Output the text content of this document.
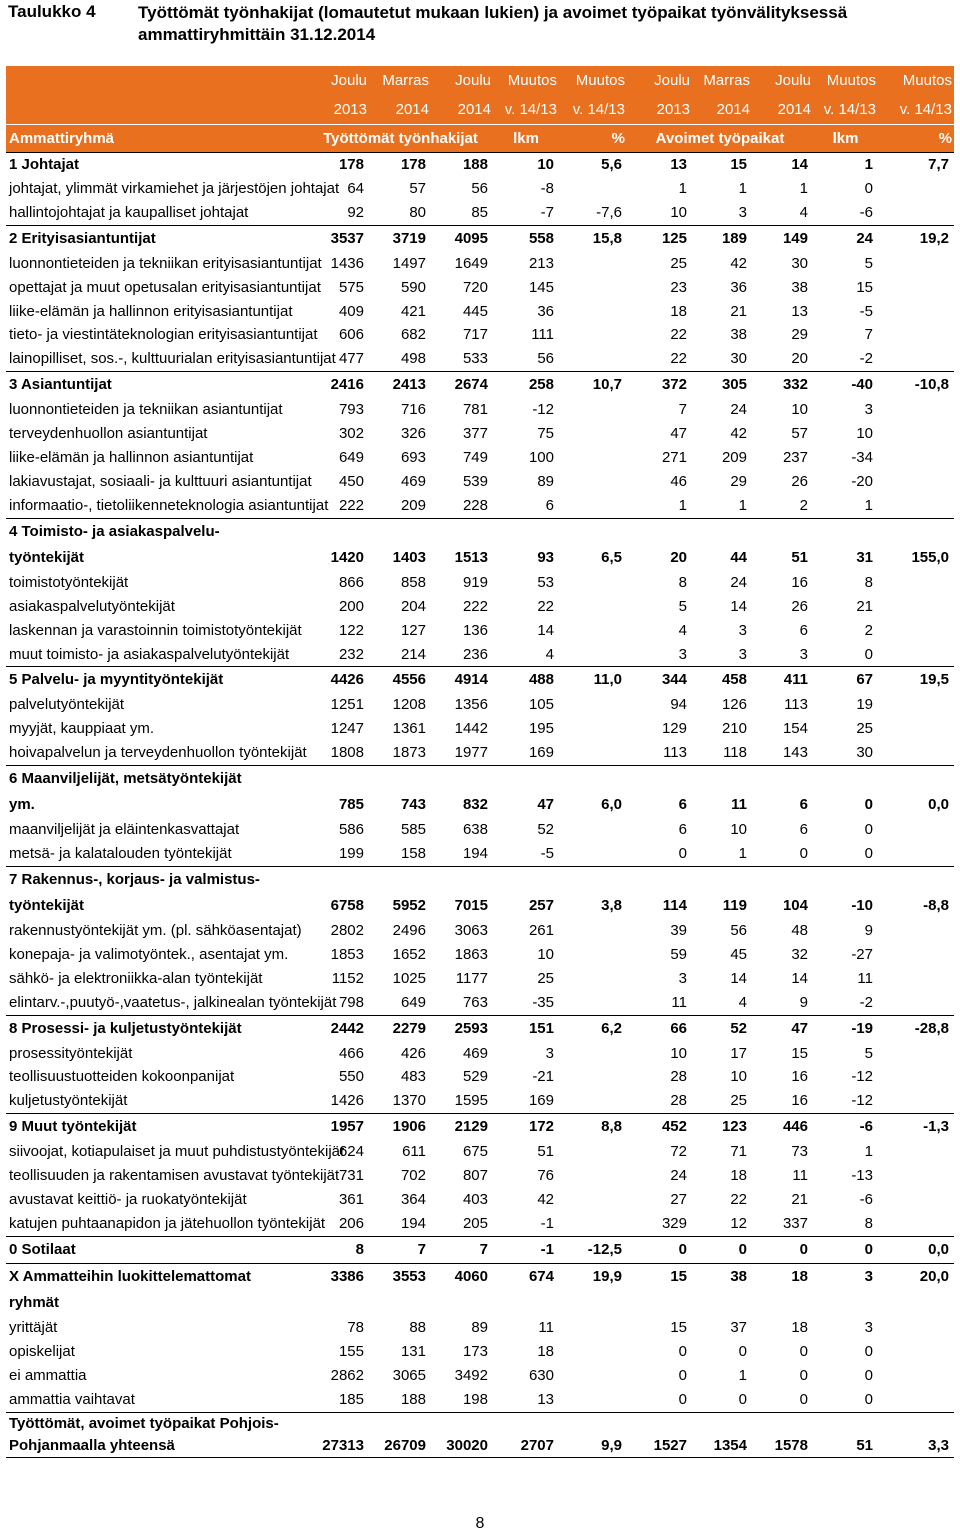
Taulukko 4 Työttömät työnhakijat (lomautetut mukaan lukien) ja avoimet työpaikat työnvälityksessä ammattiryhmittäin 31.12.2014
	Joulu	Marras	Joulu	Muutos	Muutos	Joulu	Marras	Joulu	Muutos	Muutos
	2013	2014	2014	v. 14/13	v. 14/13	2013	2014	2014	v. 14/13	v. 14/13
Ammattiryhmä	Työttömät työnhakijat			lkm	%	Avoimet työpaikat			lkm	%
1 Johtajat	178	178	188	10	5,6	13	15	14	1	7,7
johtajat, ylimmät virkamiehet ja järjestöjen johtajat	64	57	56	-8		1	1	1	0	
hallintojohtajat ja kaupalliset johtajat	92	80	85	-7	-7,6	10	3	4	-6	
2 Erityisasiantuntijat	3537	3719	4095	558	15,8	125	189	149	24	19,2
luonnontieteiden ja tekniikan erityisasiantuntijat	1436	1497	1649	213		25	42	30	5	
opettajat ja muut opetusalan erityisasiantuntijat	575	590	720	145		23	36	38	15	
liike-elämän ja hallinnon erityisasiantuntijat	409	421	445	36		18	21	13	-5	
tieto- ja viestintäteknologian erityisasiantuntijat	606	682	717	111		22	38	29	7	
lainopilliset, sos.-, kulttuurialan erityisasiantuntijat	477	498	533	56		22	30	20	-2	
3 Asiantuntijat	2416	2413	2674	258	10,7	372	305	332	-40	-10,8
luonnontieteiden ja tekniikan asiantuntijat	793	716	781	-12		7	24	10	3	
terveydenhuollon asiantuntijat	302	326	377	75		47	42	57	10	
liike-elämän ja hallinnon asiantuntijat	649	693	749	100		271	209	237	-34	
lakiavustajat, sosiaali- ja kulttuuri asiantuntijat	450	469	539	89		46	29	26	-20	
informaatio-, tietoliikenneteknologia asiantuntijat	222	209	228	6		1	1	2	1	
4 Toimisto- ja asiakaspalvelu-										
työntekijät	1420	1403	1513	93	6,5	20	44	51	31	155,0
toimistotyöntekijät	866	858	919	53		8	24	16	8	
asiakaspalvelutyöntekijät	200	204	222	22		5	14	26	21	
laskennan ja varastoinnin toimistotyöntekijät	122	127	136	14		4	3	6	2	
muut toimisto- ja asiakaspalvelutyöntekijät	232	214	236	4		3	3	3	0	
5 Palvelu- ja myyntityöntekijät	4426	4556	4914	488	11,0	344	458	411	67	19,5
palvelutyöntekijät	1251	1208	1356	105		94	126	113	19	
myyjät, kauppiaat ym.	1247	1361	1442	195		129	210	154	25	
hoivapalvelun ja terveydenhuollon työntekijät	1808	1873	1977	169		113	118	143	30	
6 Maanviljelijät, metsätyöntekijät										
ym.	785	743	832	47	6,0	6	11	6	0	0,0
maanviljelijät ja eläintenkasvattajat	586	585	638	52		6	10	6	0	
metsä- ja kalatalouden työntekijät	199	158	194	-5		0	1	0	0	
7 Rakennus-, korjaus- ja valmistus-										
työntekijät	6758	5952	7015	257	3,8	114	119	104	-10	-8,8
rakennustyöntekijät ym. (pl. sähköasentajat)	2802	2496	3063	261		39	56	48	9	
konepaja- ja valimotyöntek., asentajat ym.	1853	1652	1863	10		59	45	32	-27	
sähkö- ja elektroniikka-alan työntekijät	1152	1025	1177	25		3	14	14	11	
elintarv.-,puutyö-,vaatetus-, jalkinealan työntekijät	798	649	763	-35		11	4	9	-2	
8 Prosessi- ja kuljetustyöntekijät	2442	2279	2593	151	6,2	66	52	47	-19	-28,8
prosessityöntekijät	466	426	469	3		10	17	15	5	
teollisuustuotteiden kokoonpanijat	550	483	529	-21		28	10	16	-12	
kuljetustyöntekijät	1426	1370	1595	169		28	25	16	-12	
9 Muut työntekijät	1957	1906	2129	172	8,8	452	123	446	-6	-1,3
siivoojat, kotiapulaiset ja muut puhdistustyöntekijät	624	611	675	51		72	71	73	1	
teollisuuden ja rakentamisen avustavat työntekijät	731	702	807	76		24	18	11	-13	
avustavat keittiö- ja ruokatyöntekijät	361	364	403	42		27	22	21	-6	
katujen puhtaanapidon ja jätehuollon työntekijät	206	194	205	-1		329	12	337	8	
0 Sotilaat	8	7	7	-1	-12,5	0	0	0	0	0,0
X Ammatteihin luokittelemattomat	3386	3553	4060	674	19,9	15	38	18	3	20,0
ryhmät										
yrittäjät	78	88	89	11		15	37	18	3	
opiskelijat	155	131	173	18		0	0	0	0	
ei ammattia	2862	3065	3492	630		0	1	0	0	
ammattia vaihtavat	185	188	198	13		0	0	0	0	
Työttömät, avoimet työpaikat Pohjois-Pohjanmaalla yhteensä	27313	26709	30020	2707	9,9	1527	1354	1578	51	3,3
8
